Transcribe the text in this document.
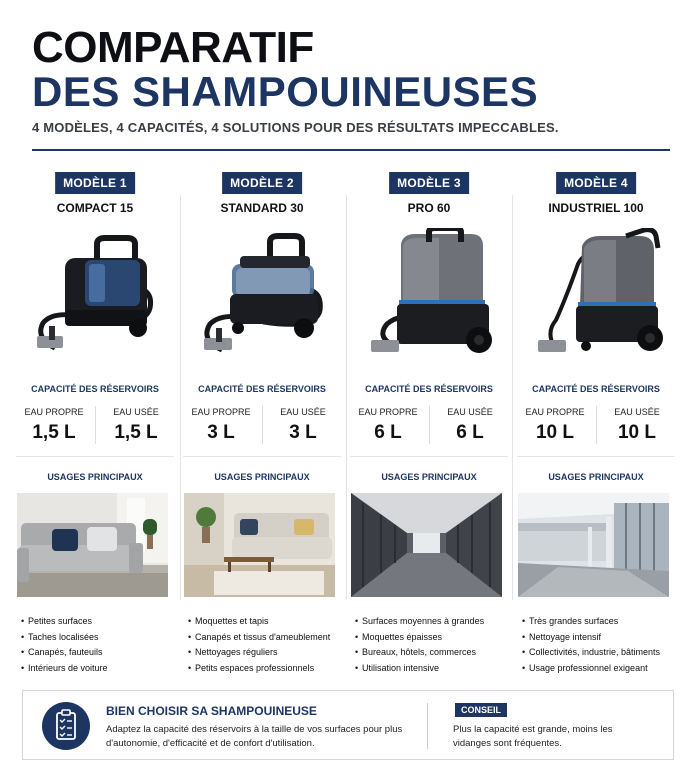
COMPARATIF
DES SHAMPOUINEUSES
4 MODÈLES, 4 CAPACITÉS, 4 SOLUTIONS POUR DES RÉSULTATS IMPECCABLES.
MODÈLE 1
COMPACT 15
CAPACITÉ DES RÉSERVOIRS
EAU PROPRE	EAU USÉE
1,5 L	1,5 L
USAGES PRINCIPAUX
• Petites surfaces
• Taches localisées
• Canapés, fauteuils
• Intérieurs de voiture
MODÈLE 2
STANDARD 30
CAPACITÉ DES RÉSERVOIRS
EAU PROPRE	EAU USÉE
3 L	3 L
USAGES PRINCIPAUX
• Moquettes et tapis
• Canapés et tissus d'ameublement
• Nettoyages réguliers
• Petits espaces professionnels
MODÈLE 3
PRO 60
CAPACITÉ DES RÉSERVOIRS
EAU PROPRE	EAU USÉE
6 L	6 L
USAGES PRINCIPAUX
• Surfaces moyennes à grandes
• Moquettes épaisses
• Bureaux, hôtels, commerces
• Utilisation intensive
MODÈLE 4
INDUSTRIEL 100
CAPACITÉ DES RÉSERVOIRS
EAU PROPRE	EAU USÉE
10 L	10 L
USAGES PRINCIPAUX
• Très grandes surfaces
• Nettoyage intensif
• Collectivités, industrie, bâtiments
• Usage professionnel exigeant
BIEN CHOISIR SA SHAMPOUINEUSE
Adaptez la capacité des réservoirs à la taille de vos surfaces pour plus d'autonomie, d'efficacité et de confort d'utilisation.
CONSEIL
Plus la capacité est grande, moins les vidanges sont fréquentes.
